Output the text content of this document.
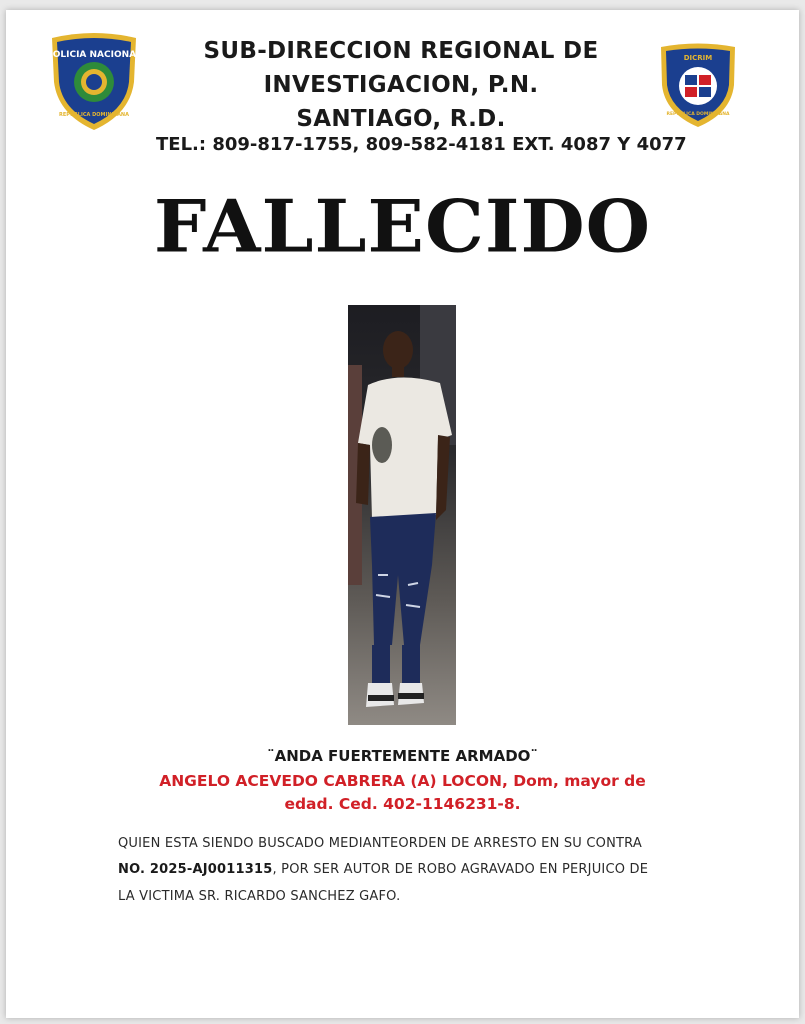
POLICIA NACIONAL
REPUBLICA DOMINICANA
SUB-DIRECCION REGIONAL DE
INVESTIGACION, P.N.
SANTIAGO, R.D.
TEL.: 809-817-1755, 809-582-4181 EXT. 4087 Y 4077
DICRIM
REPUBLICA DOMINICANA
FALLECIDO
¨ANDA FUERTEMENTE ARMADO¨
ANGELO ACEVEDO CABRERA (A) LOCON, Dom, mayor de
edad. Ced. 402-1146231-8.
QUIEN ESTA SIENDO BUSCADO MEDIANTEORDEN DE ARRESTO EN SU CONTRA
NO. 2025-AJ0011315, POR SER AUTOR DE ROBO AGRAVADO EN PERJUICO DE
LA VICTIMA SR. RICARDO SANCHEZ GAFO.
